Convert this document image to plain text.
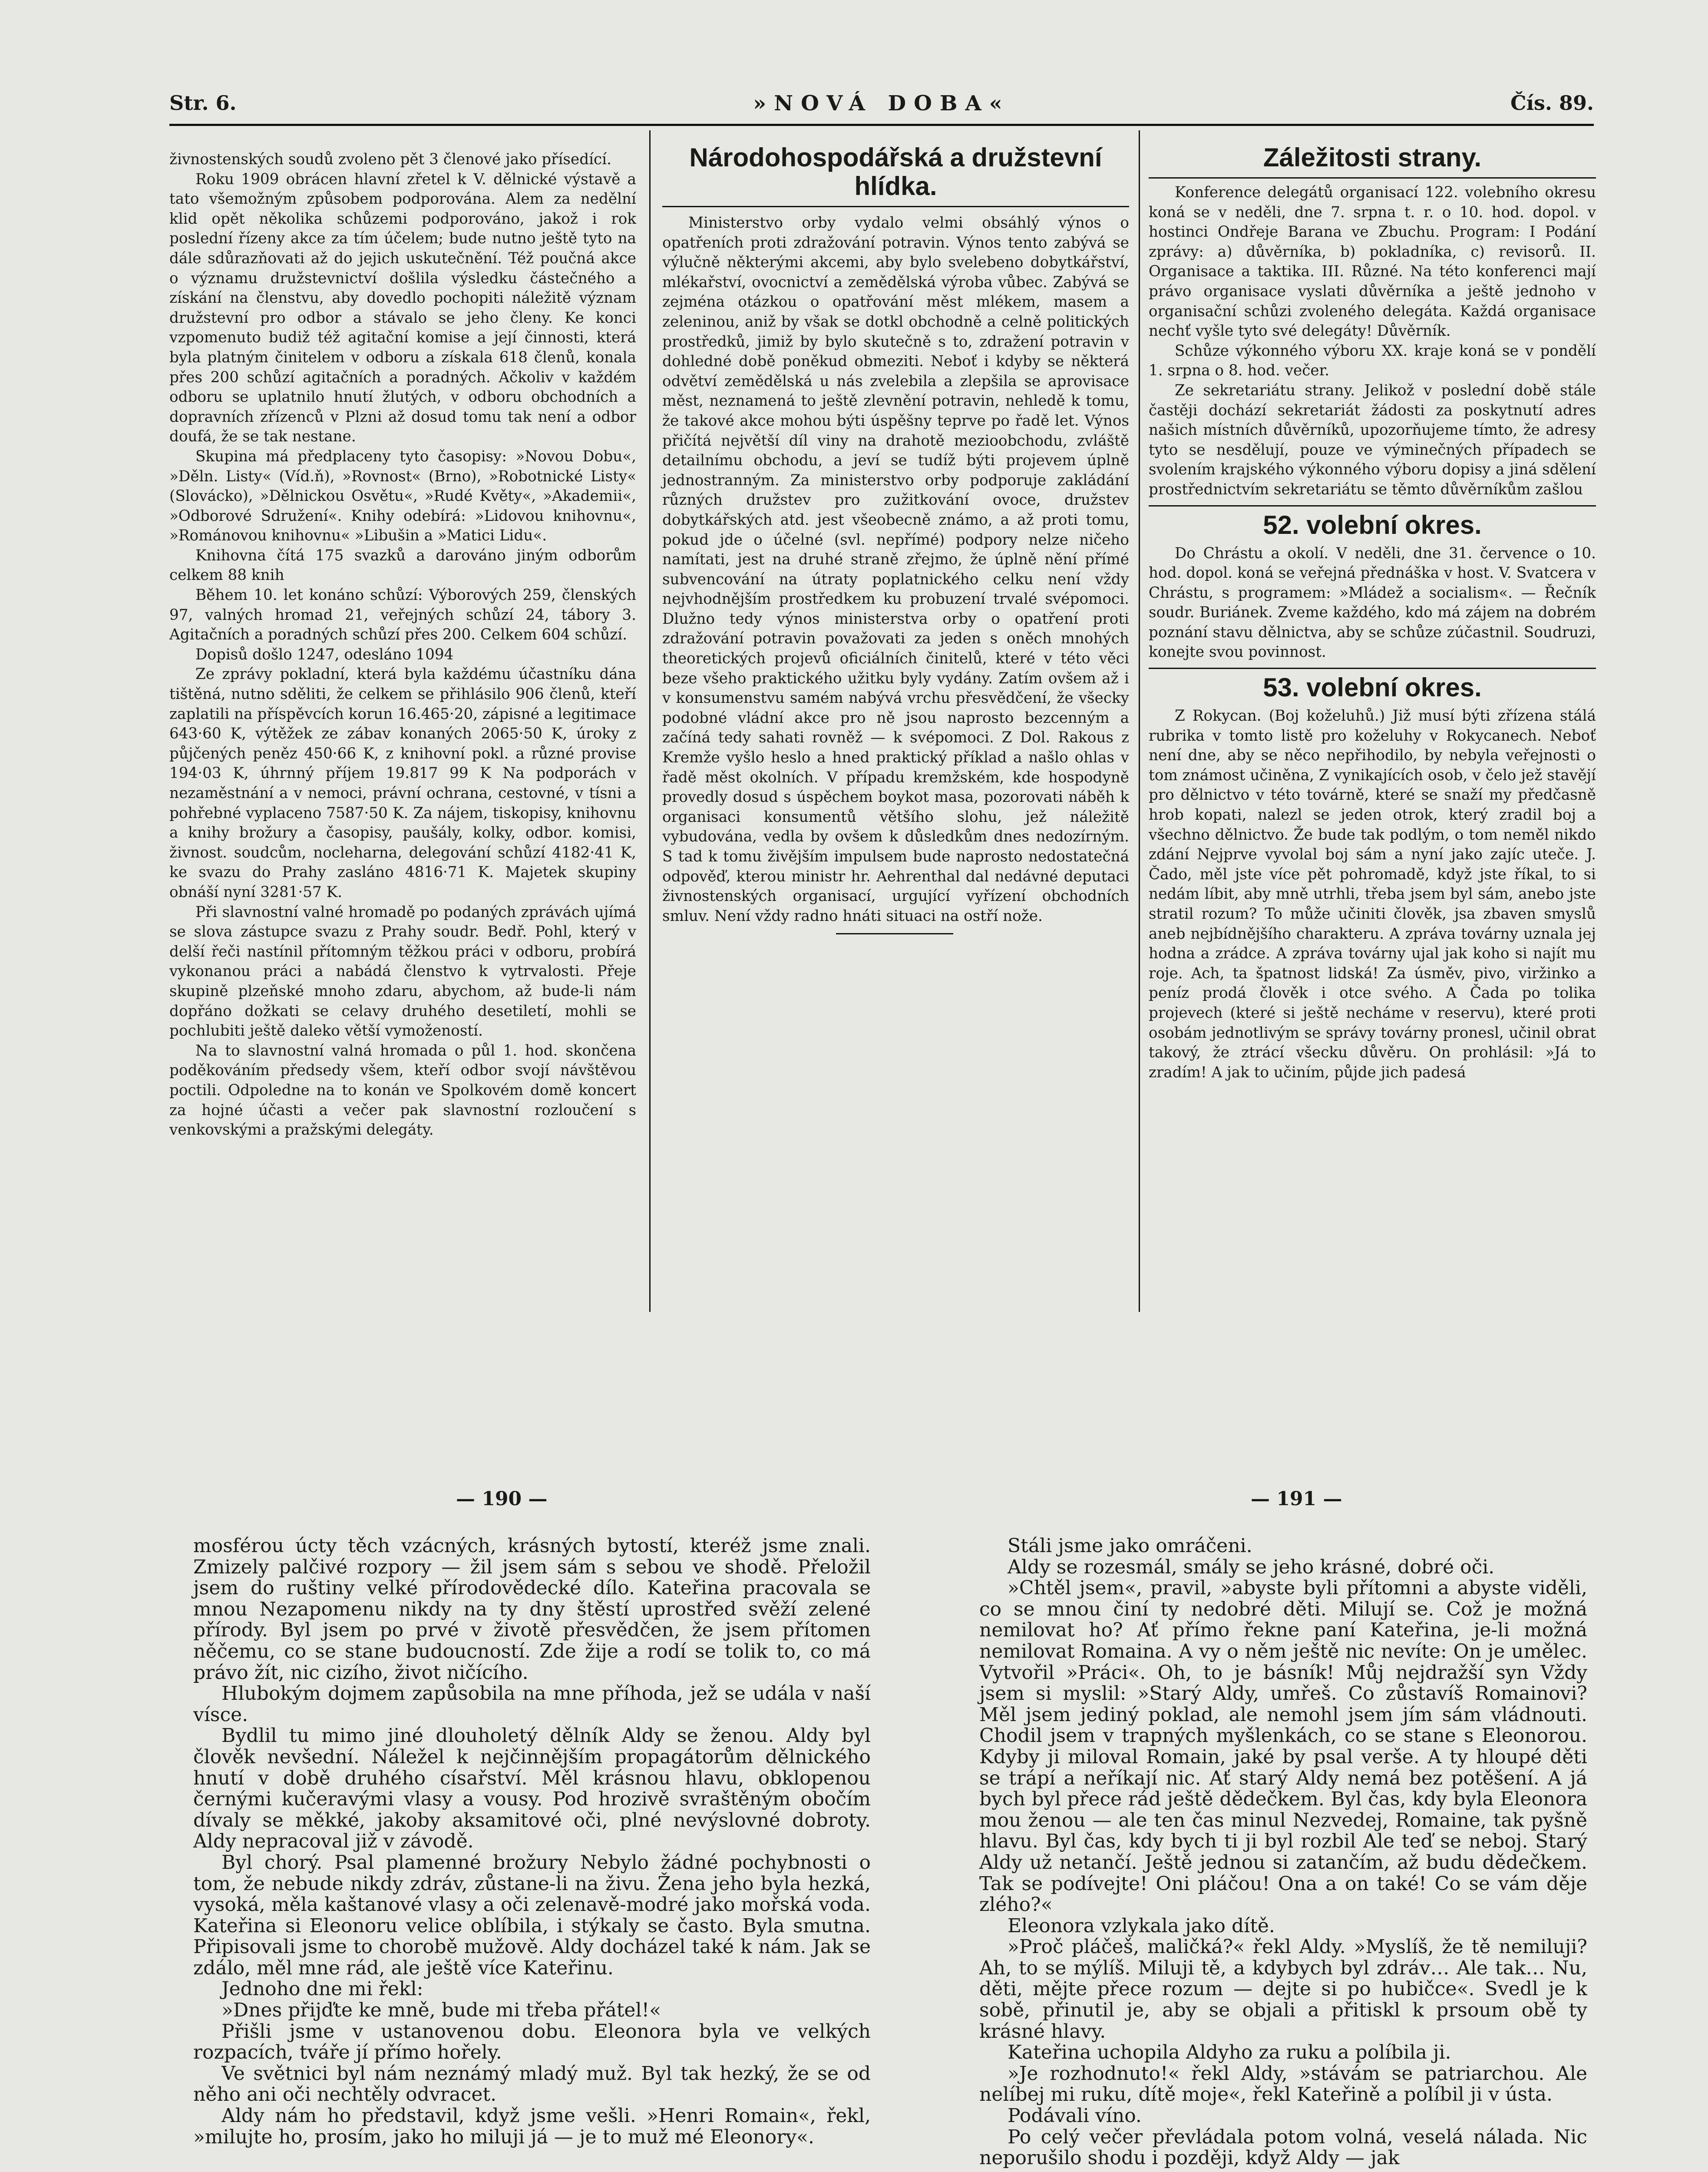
Str. 6.	»NOVÁ DOBA«	Čís. 89.

živnostenských soudů zvoleno pět 3 členové jako přísedící.

Roku 1909 obrácen hlavní zřetel k V. dělnické výstavě a tato všemožným způsobem podporována. Alem za nedělní klid opět několika schůzemi podporováno, jakož i rok poslední řízeny akce za tím účelem; bude nutno ještě tyto na dále sdůrazňovati až do jejich uskutečnění. Též poučná akce o významu družstevnictví došlila výsledku částečného a získání na členstvu, aby dovedlo pochopiti náležitě význam družstevní pro odbor a stávalo se jeho členy. Ke konci vzpomenuto budiž též agitační komise a její činnosti, která byla platným činitelem v odboru a získala 618 členů, konala přes 200 schůzí agitačních a poradných. Ačkoliv v každém odboru se uplatnilo hnutí žlutých, v odboru obchodních a dopravních zřízenců v Plzni až dosud tomu tak není a odbor doufá, že se tak nestane.

Skupina má předplaceny tyto časopisy: »Novou Dobu«, »Děln. Listy« (Víd.ň), »Rovnost« (Brno), »Robotnické Listy« (Slovácko), »Dělnickou Osvětu«, »Rudé Květy«, »Akademii«, »Odborové Sdružení«. Knihy odebírá: »Lidovou knihovnu«, »Románovou knihovnu« »Libušin a »Matici Lidu«.

Knihovna čítá 175 svazků a darováno jiným odborům celkem 88 knih

Během 10. let konáno schůzí: Výborových 259, členských 97, valných hromad 21, veřejných schůzí 24, tábory 3. Agitačních a poradných schůzí přes 200. Celkem 604 schůzí.

Dopisů došlo 1247, odesláno 1094

Ze zprávy pokladní, která byla každému účastníku dána tištěná, nutno sděliti, že celkem se přihlásilo 906 členů, kteří zaplatili na příspěvcích korun 16.465·20, zápisné a legitimace 643·60 K, výtěžek ze zábav konaných 2065·50 K, úroky z půjčených peněz 450·66 K, z knihovní pokl. a různé provise 194·03 K, úhrnný příjem 19.817 99 K Na podporách v nezaměstnání a v nemoci, právní ochrana, cestovné, v tísni a pohřebné vyplaceno 7587·50 K. Za nájem, tiskopisy, knihovnu a knihy brožury a časopisy, paušály, kolky, odbor. komisi, živnost. soudcům, nocleharna, delegování schůzí 4182·41 K, ke svazu do Prahy zasláno 4816·71 K. Majetek skupiny obnáší nyní 3281·57 K.

Při slavnostní valné hromadě po podaných zprávách ujímá se slova zástupce svazu z Prahy soudr. Bedř. Pohl, který v delší řeči nastínil přítomným těžkou práci v odboru, probírá vykonanou práci a nabádá členstvo k vytrvalosti. Přeje skupině plzeňské mnoho zdaru, abychom, až bude-li nám dopřáno dožkati se celavy druhého desetiletí, mohli se pochlubiti ještě daleko větší vymožeností.

Na to slavnostní valná hromada o půl 1. hod. skončena poděkováním předsedy všem, kteří odbor svojí návštěvou poctili. Odpoledne na to konán ve Spolkovém domě koncert za hojné účasti a večer pak slavnostní rozloučení s venkovskými a pražskými delegáty.

Národohospodářská a družstevní hlídka.

Ministerstvo orby vydalo velmi obsáhlý výnos o opatřeních proti zdražování potravin. Výnos tento zabývá se výlučně některými akcemi, aby bylo svelebeno dobytkářství, mlékařství, ovocnictví a zemědělská výroba vůbec. Zabývá se zejména otázkou o opatřování měst mlékem, masem a zeleninou, aniž by však se dotkl obchodně a celně politických prostředků, jimiž by bylo skutečně s to, zdražení potravin v dohledné době poněkud obmeziti. Neboť i kdyby se některá odvětví zemědělská u nás zvelebila a zlepšila se aprovisace měst, neznamená to ještě zlevnění potravin, nehledě k tomu, že takové akce mohou býti úspěšny teprve po řadě let. Výnos přičítá největší díl viny na drahotě mezioobchodu, zvláště detailnímu obchodu, a jeví se tudíž býti projevem úplně jednostranným. Za ministerstvo orby podporuje zakládání různých družstev pro zužitkování ovoce, družstev dobytkářských atd. jest všeobecně známo, a až proti tomu, pokud jde o účelné (svl. nepřímé) podpory nelze ničeho namítati, jest na druhé straně zřejmo, že úplně nění přímé subvencování na útraty poplatnického celku není vždy nejvhodnějším prostředkem ku probuzení trvalé svépomoci. Dlužno tedy výnos ministerstva orby o opatření proti zdražování potravin považovati za jeden s oněch mnohých theoretických projevů oficiálních činitelů, které v této věci beze všeho praktického užitku byly vydány. Zatím ovšem až i v konsumenstvu samém nabývá vrchu přesvědčení, že všecky podobné vládní akce pro ně jsou naprosto bezcenným a začíná tedy sahati rovněž — k svépomoci. Z Dol. Rakous z Kremže vyšlo heslo a hned praktický příklad a našlo ohlas v řadě měst okolních. V případu kremžském, kde hospodyně provedly dosud s úspěchem boykot masa, pozorovati náběh k organisaci konsumentů většího slohu, jež náležitě vybudována, vedla by ovšem k důsledkům dnes nedozírným. S tad k tomu živějším impulsem bude naprosto nedostatečná odpověď, kterou ministr hr. Aehrenthal dal nedávné deputaci živnostenských organisací, urgující vyřízení obchodních smluv. Není vždy radno hnáti situaci na ostří nože.

Záležitosti strany.

Konference delegátů organisací 122. volebního okresu koná se v neděli, dne 7. srpna t. r. o 10. hod. dopol. v hostinci Ondřeje Barana ve Zbuchu. Program: I Podání zprávy: a) důvěrníka, b) pokladníka, c) revisorů. II. Organisace a taktika. III. Různé. Na této konferenci mají právo organisace vyslati důvěrníka a ještě jednoho v organisační schůzi zvoleného delegáta. Každá organisace nechť vyšle tyto své delegáty! Důvěrník.

Schůze výkonného výboru XX. kraje koná se v pondělí 1. srpna o 8. hod. večer.

Ze sekretariátu strany. Jelikož v poslední době stále častěji dochází sekretariát žádosti za poskytnutí adres našich místních důvěrníků, upozorňujeme tímto, že adresy tyto se nesdělují, pouze ve výminečných případech se svolením krajského výkonného výboru dopisy a jiná sdělení prostřednictvím sekretariátu se těmto důvěrníkům zašlou

52. volební okres.

Do Chrástu a okolí. V neděli, dne 31. července o 10. hod. dopol. koná se veřejná přednáška v host. V. Svatcera v Chrástu, s programem: »Mládež a socialism«. — Řečník soudr. Buriánek. Zveme každého, kdo má zájem na dobrém poznání stavu dělnictva, aby se schůze zúčastnil. Soudruzi, konejte svou povinnost.

53. volební okres.

Z Rokycan. (Boj koželuhů.) Již musí býti zřízena stálá rubrika v tomto listě pro koželuhy v Rokycanech. Neboť není dne, aby se něco nepřihodilo, by nebyla veřejnosti o tom známost učiněna, Z vynikajících osob, v čelo jež stavějí pro dělnictvo v této továrně, které se snaží my předčasně hrob kopati, nalezl se jeden otrok, který zradil boj a všechno dělnictvo. Že bude tak podlým, o tom neměl nikdo zdání Nejprve vyvolal boj sám a nyní jako zajíc uteče. J. Čado, měl jste více pět pohromadě, když jste říkal, to si nedám líbit, aby mně utrhli, třeba jsem byl sám, anebo jste stratil rozum? To může učiniti člověk, jsa zbaven smyslů aneb nejbídnějšího charakteru. A zpráva továrny uznala jej hodna a zrádce. A zpráva továrny ujal jak koho si najít mu roje. Ach, ta špatnost lidská! Za úsměv, pivo, viržinko a peníz prodá člověk i otce svého. A Čada po tolika projevech (které si ještě necháme v reservu), které proti osobám jednotlivým se správy továrny pronesl, učinil obrat takový, že ztrácí všecku důvěru. On prohlásil: »Já to zradím! A jak to učiním, půjde jich padesá

— 190 —	— 191 —

mosférou úcty těch vzácných, krásných bytostí, kteréž jsme znali. Zmizely palčivé rozpory — žil jsem sám s sebou ve shodě. Přeložil jsem do ruštiny velké přírodovědecké dílo. Kateřina pracovala se mnou Nezapomenu nikdy na ty dny štěstí uprostřed svěží zelené přírody. Byl jsem po prvé v životě přesvědčen, že jsem přítomen něčemu, co se stane budoucností. Zde žije a rodí se tolik to, co má právo žít, nic cizího, život ničícího.

Hlubokým dojmem zapůsobila na mne příhoda, jež se udála v naší vísce.

Bydlil tu mimo jiné dlouholetý dělník Aldy se ženou. Aldy byl člověk nevšední. Náležel k nejčinnějším propagátorům dělnického hnutí v době druhého císařství. Měl krásnou hlavu, obklopenou černými kučeravými vlasy a vousy. Pod hrozivě svraštěným obočím dívaly se měkké, jakoby aksamitové oči, plné nevýslovné dobroty. Aldy nepracoval již v závodě.

Byl chorý. Psal plamenné brožury Nebylo žádné pochybnosti o tom, že nebude nikdy zdráv, zůstane-li na živu. Žena jeho byla hezká, vysoká, měla kaštanové vlasy a oči zelenavě-modré jako mořská voda. Kateřina si Eleonoru velice oblíbila, i stýkaly se často. Byla smutna. Připisovali jsme to chorobě mužově. Aldy docházel také k nám. Jak se zdálo, měl mne rád, ale ještě více Kateřinu.

Jednoho dne mi řekl:

»Dnes přijďte ke mně, bude mi třeba přátel!«

Přišli jsme v ustanovenou dobu. Eleonora byla ve velkých rozpacích, tváře jí přímo hořely.

Ve světnici byl nám neznámý mladý muž. Byl tak hezký, že se od něho ani oči nechtěly odvracet.

Aldy nám ho představil, když jsme vešli. »Henri Romain«, řekl, »milujte ho, prosím, jako ho miluji já — je to muž mé Eleonory«.

Stáli jsme jako omráčeni.

Aldy se rozesmál, smály se jeho krásné, dobré oči.

»Chtěl jsem«, pravil, »abyste byli přítomni a abyste viděli, co se mnou činí ty nedobré děti. Milují se. Což je možná nemilovat ho? Ať přímo řekne paní Kateřina, je-li možná nemilovat Romaina. A vy o něm ještě nic nevíte: On je umělec. Vytvořil »Práci«. Oh, to je básník! Můj nejdražší syn Vždy jsem si myslil: »Starý Aldy, umřeš. Co zůstavíš Romainovi? Měl jsem jediný poklad, ale nemohl jsem jím sám vládnouti. Chodil jsem v trapných myšlenkách, co se stane s Eleonorou. Kdyby ji miloval Romain, jaké by psal verše. A ty hloupé děti se trápí a neříkají nic. Ať starý Aldy nemá bez potěšení. A já bych byl přece rád ještě dědečkem. Byl čas, kdy byla Eleonora mou ženou — ale ten čas minul Nezvedej, Romaine, tak pyšně hlavu. Byl čas, kdy bych ti ji byl rozbil Ale teď se neboj. Starý Aldy už netančí. Ještě jednou si zatančím, až budu dědečkem. Tak se podívejte! Oni pláčou! Ona a on také! Co se vám děje zlého?«

Eleonora vzlykala jako dítě.

»Proč pláčeš, maličká?« řekl Aldy. »Myslíš, že tě nemiluji? Ah, to se mýlíš. Miluji tě, a kdybych byl zdráv… Ale tak… Nu, děti, mějte přece rozum — dejte si po hubičce«. Svedl je k sobě, přinutil je, aby se objali a přitiskl k prsoum obě ty krásné hlavy.

Kateřina uchopila Aldyho za ruku a políbila ji.

»Je rozhodnuto!« řekl Aldy, »stávám se patriarchou. Ale nelíbej mi ruku, dítě moje«, řekl Kateřině a políbil ji v ústa.

Podávali víno.

Po celý večer převládala potom volná, veselá nálada. Nic neporušilo shodu i později, když Aldy — jak
